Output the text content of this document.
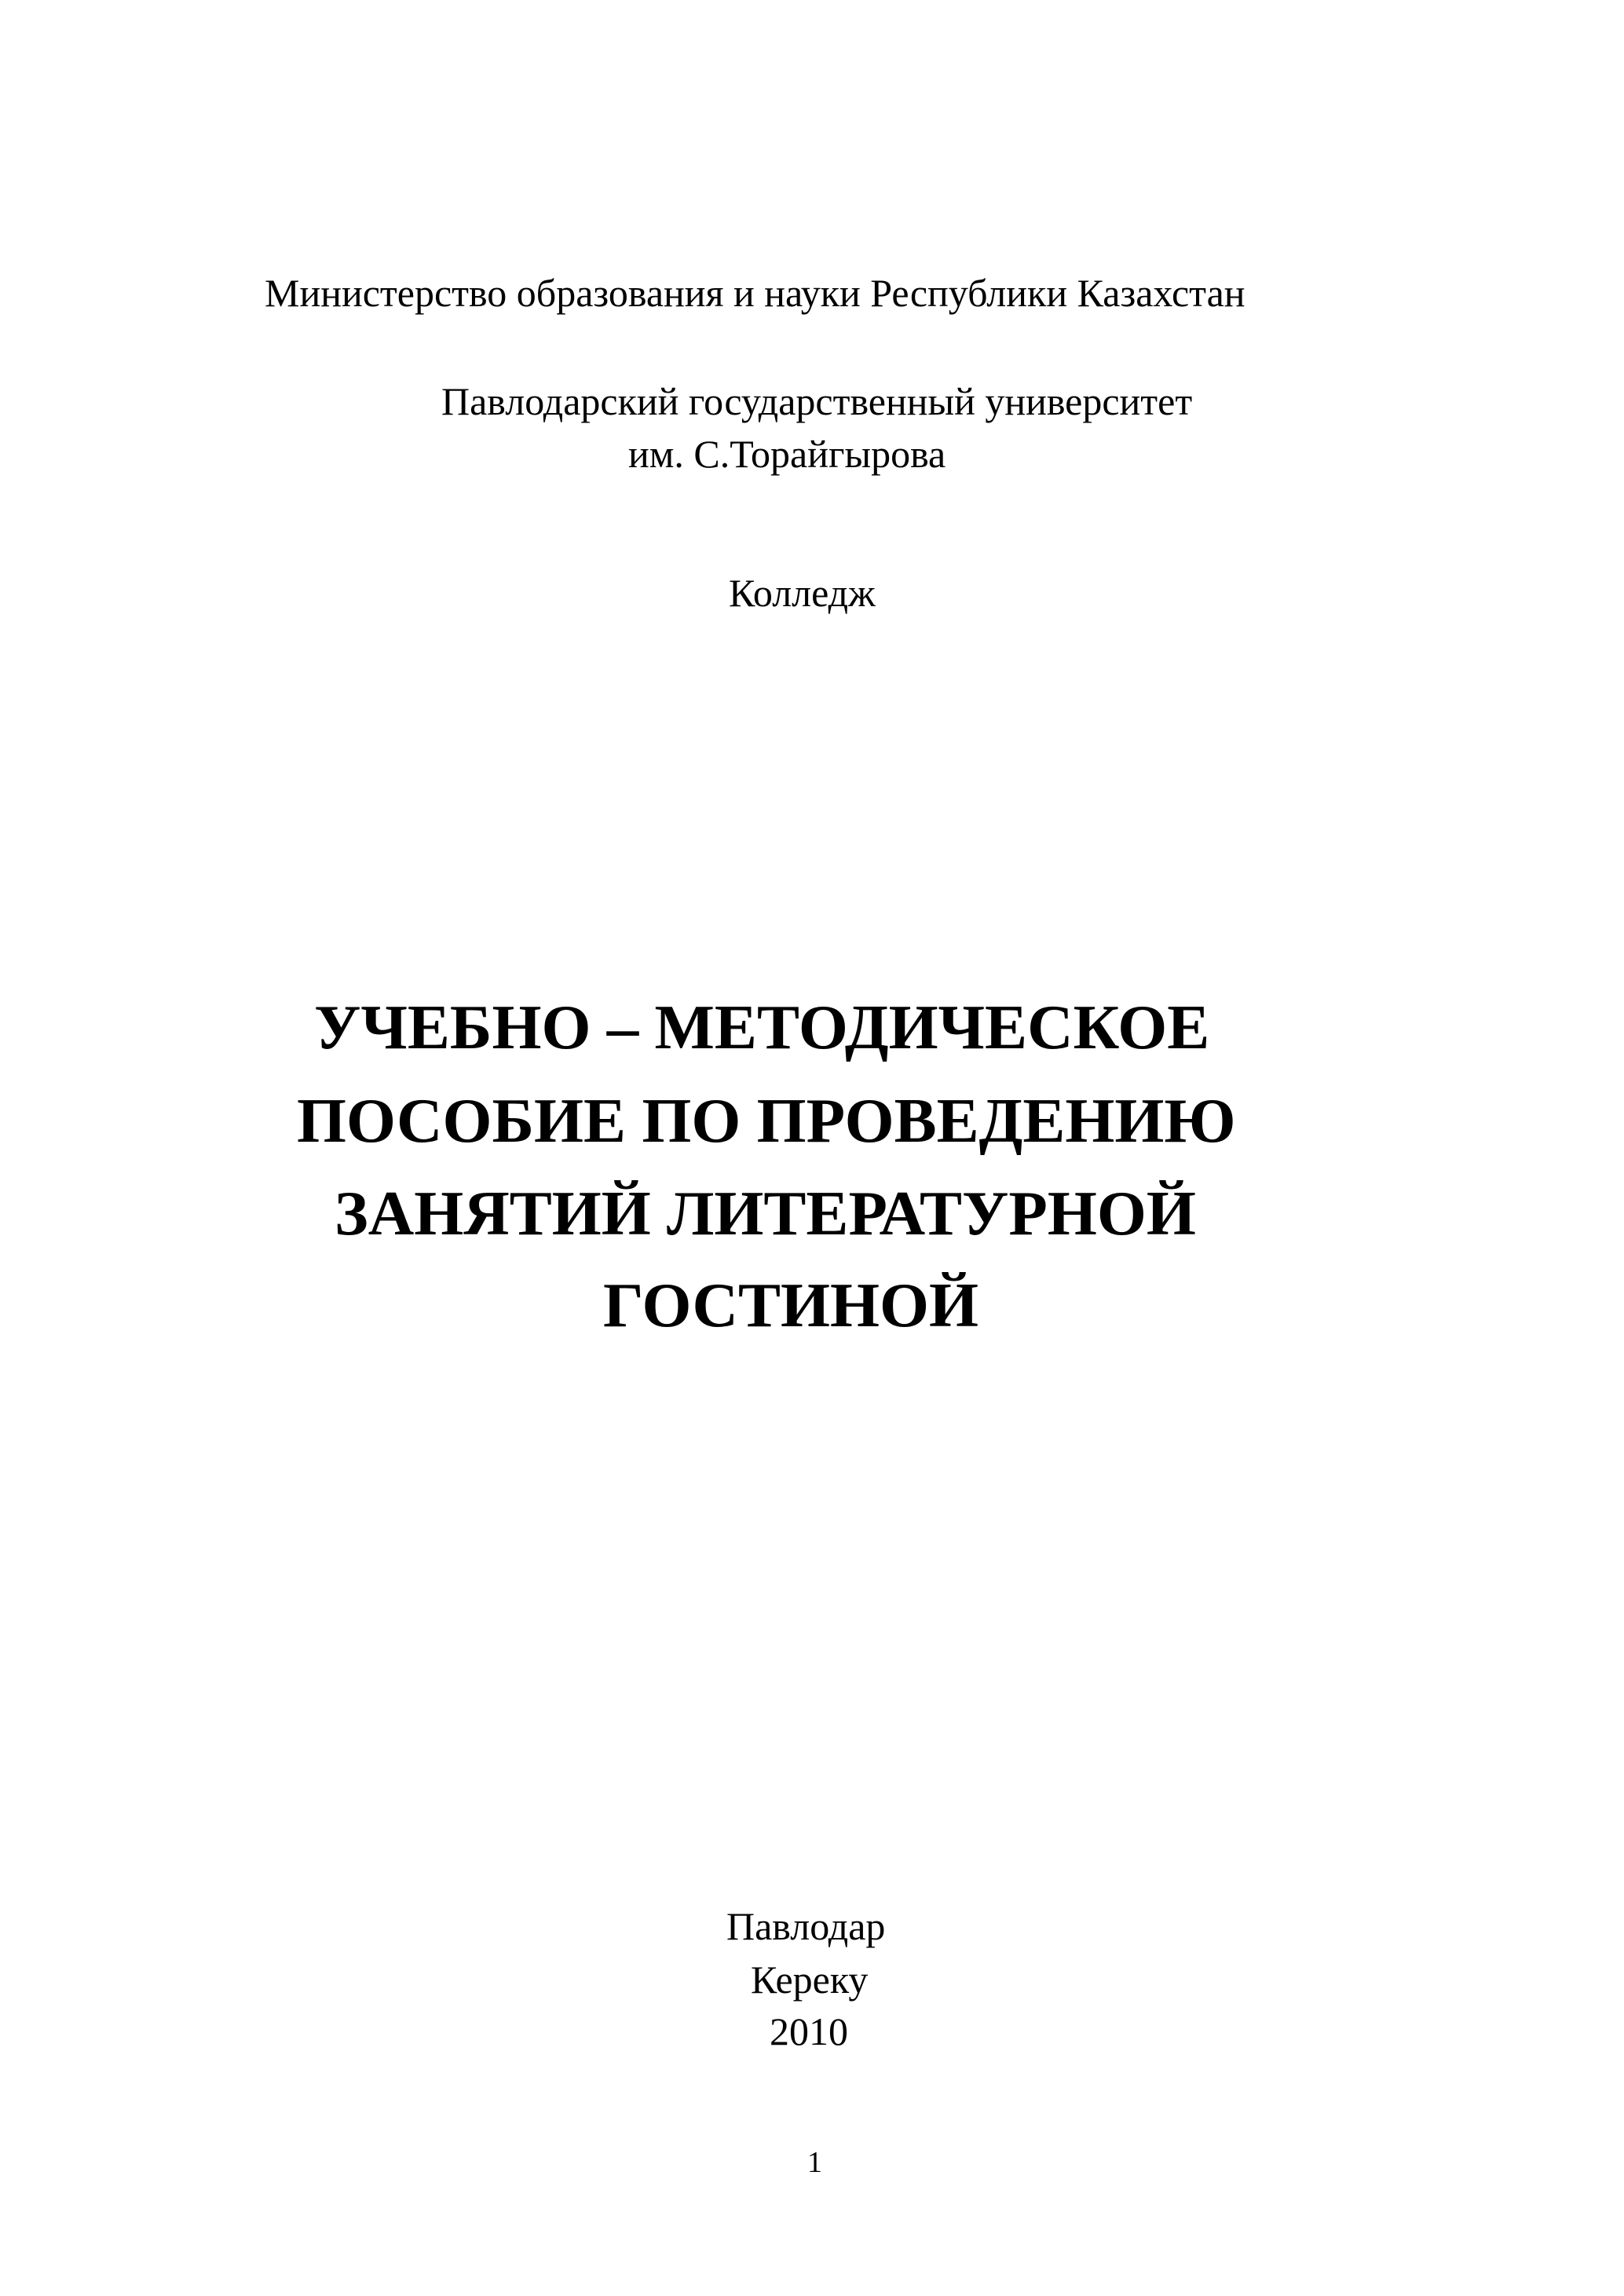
Министерство образования и науки Республики Казахстан
Павлодарский государственный университет
им. С.Торайгырова
Колледж
УЧЕБНО – МЕТОДИЧЕСКОЕ
ПОСОБИЕ ПО ПРОВЕДЕНИЮ
ЗАНЯТИЙ ЛИТЕРАТУРНОЙ
ГОСТИНОЙ
Павлодар
Кереку
2010
1
